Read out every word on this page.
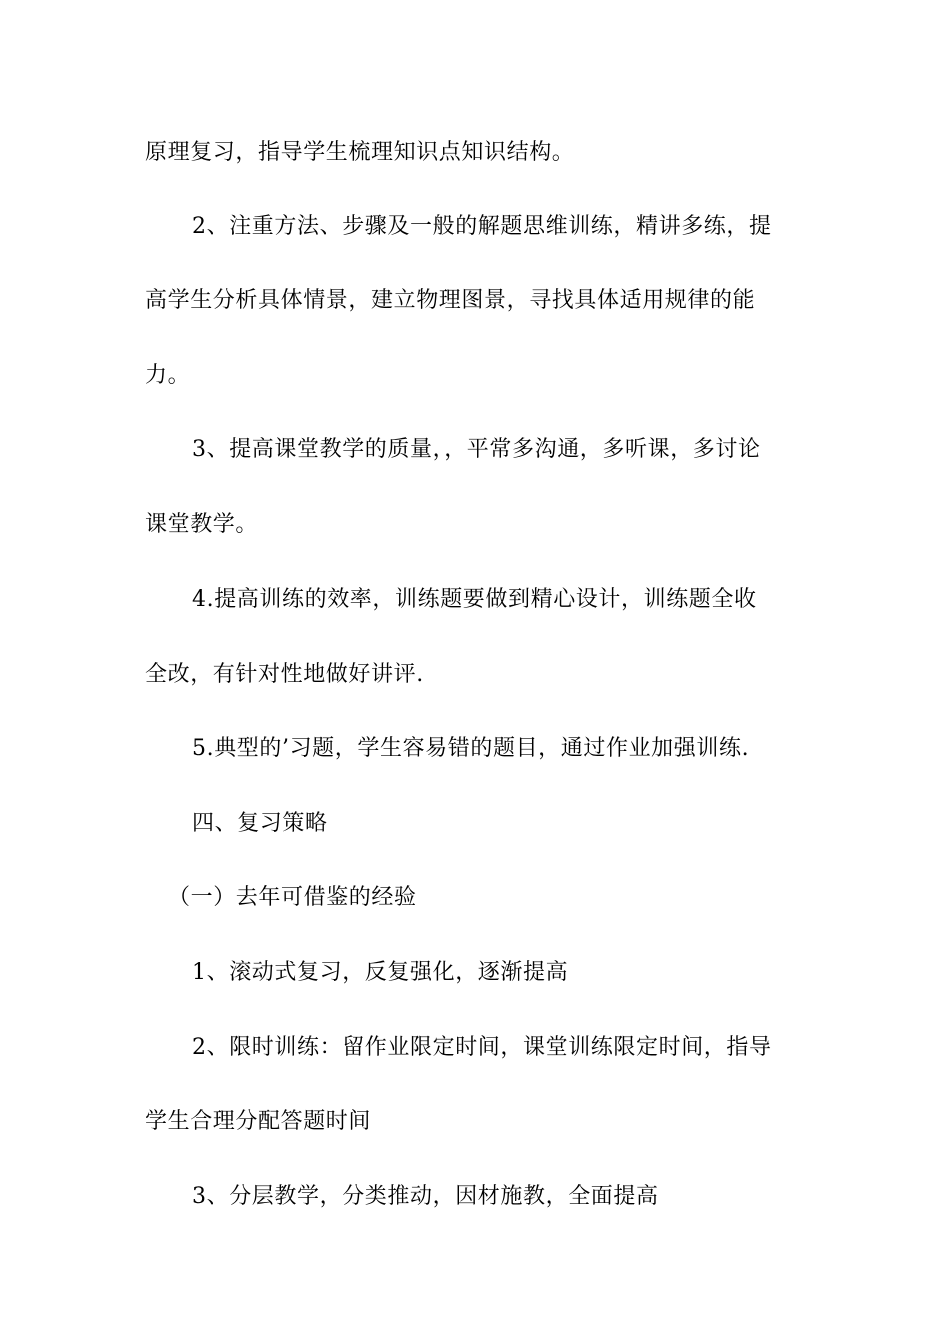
原理复习，指导学生梳理知识点知识结构。
2、注重方法、步骤及一般的解题思维训练，精讲多练，提
高学生分析具体情景，建立物理图景，寻找具体适用规律的能
力。
3、提高课堂教学的质量，，平常多沟通，多听课，多讨论
课堂教学。
4.提高训练的效率，训练题要做到精心设计，训练题全收
全改，有针对性地做好讲评.
5.典型的’习题，学生容易错的题目，通过作业加强训练.
四、复习策略
（一）去年可借鉴的经验
1、滚动式复习，反复强化，逐渐提高
2、限时训练：留作业限定时间，课堂训练限定时间，指导
学生合理分配答题时间
3、分层教学，分类推动，因材施教，全面提高
